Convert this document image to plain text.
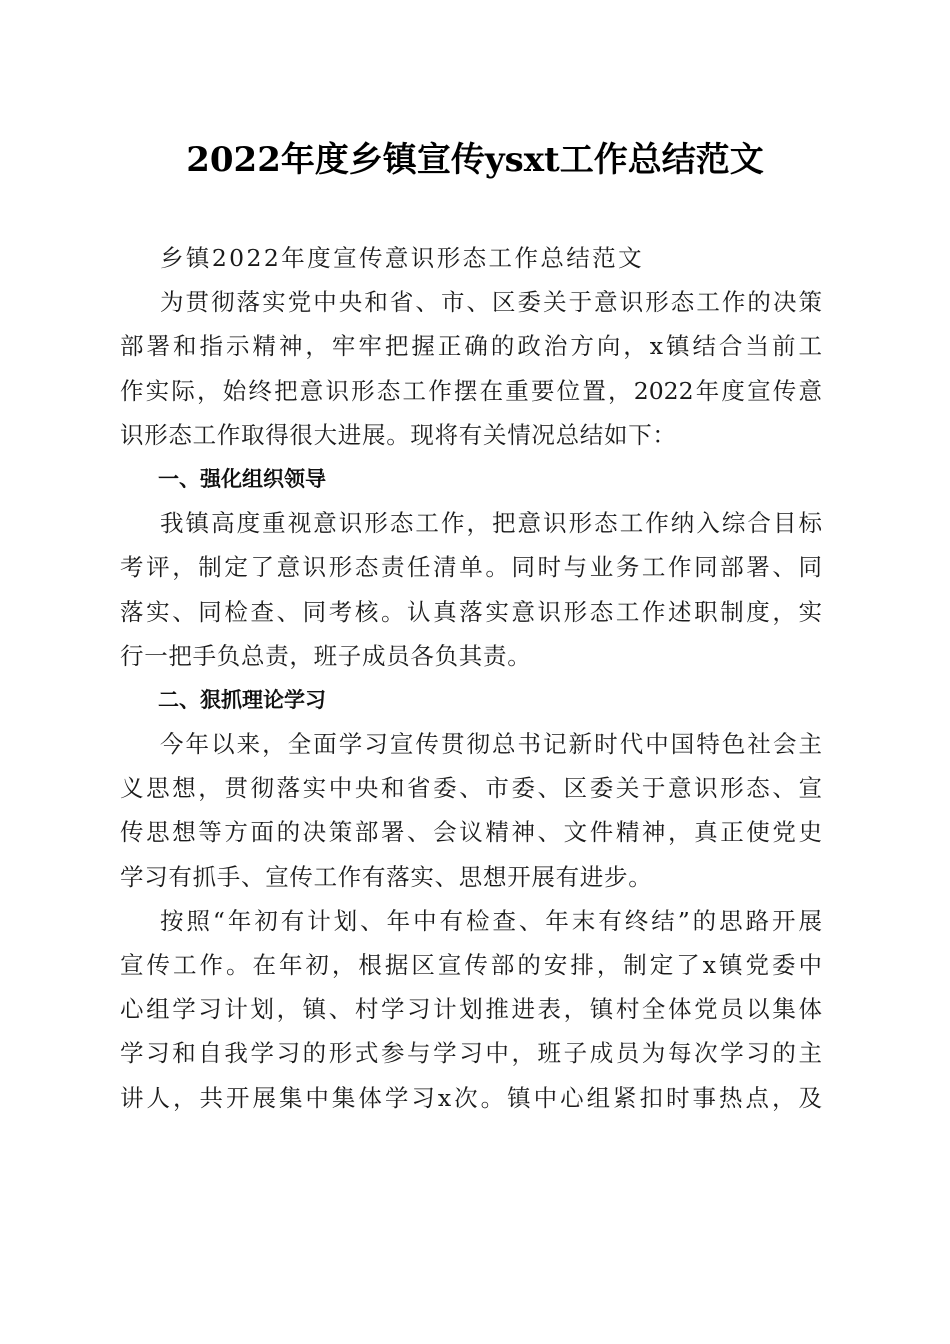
2022年度乡镇宣传ysxt工作总结范文
乡镇2022年度宣传意识形态工作总结范文
为贯彻落实党中央和省、市、区委关于意识形态工作的决策
部署和指示精神，牢牢把握正确的政治方向，x镇结合当前工
作实际，始终把意识形态工作摆在重要位置，2022年度宣传意
识形态工作取得很大进展。现将有关情况总结如下：
一、强化组织领导
我镇高度重视意识形态工作，把意识形态工作纳入综合目标
考评，制定了意识形态责任清单。同时与业务工作同部署、同
落实、同检查、同考核。认真落实意识形态工作述职制度，实
行一把手负总责，班子成员各负其责。
二、狠抓理论学习
今年以来，全面学习宣传贯彻总书记新时代中国特色社会主
义思想，贯彻落实中央和省委、市委、区委关于意识形态、宣
传思想等方面的决策部署、会议精神、文件精神，真正使党史
学习有抓手、宣传工作有落实、思想开展有进步。
按照“年初有计划、年中有检查、年末有终结”的思路开展
宣传工作。在年初，根据区宣传部的安排，制定了x镇党委中
心组学习计划，镇、村学习计划推进表，镇村全体党员以集体
学习和自我学习的形式参与学习中，班子成员为每次学习的主
讲人，共开展集中集体学习x次。镇中心组紧扣时事热点，及
